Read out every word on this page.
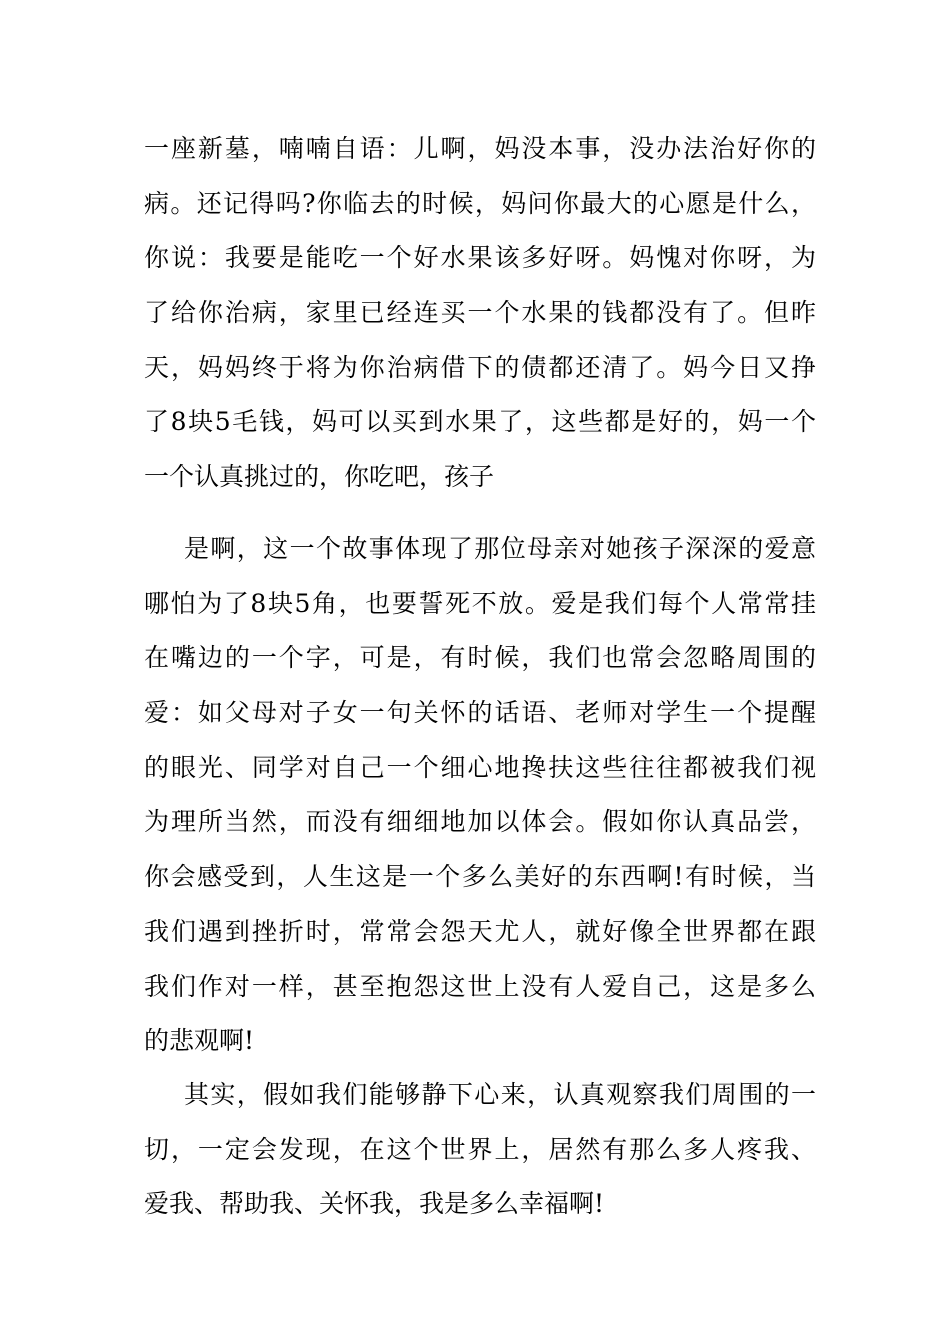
一座新墓，喃喃自语：儿啊，妈没本事，没办法治好你的
病。还记得吗?你临去的时候，妈问你最大的心愿是什么，
你说：我要是能吃一个好水果该多好呀。妈愧对你呀，为
了给你治病，家里已经连买一个水果的钱都没有了。但昨
天，妈妈终于将为你治病借下的债都还清了。妈今日又挣
了8块5毛钱，妈可以买到水果了，这些都是好的，妈一个
一个认真挑过的，你吃吧，孩子
是啊，这一个故事体现了那位母亲对她孩子深深的爱意
哪怕为了8块5角，也要誓死不放。爱是我们每个人常常挂
在嘴边的一个字，可是，有时候，我们也常会忽略周围的
爱：如父母对子女一句关怀的话语、老师对学生一个提醒
的眼光、同学对自己一个细心地搀扶这些往往都被我们视
为理所当然，而没有细细地加以体会。假如你认真品尝，
你会感受到，人生这是一个多么美好的东西啊!有时候，当
我们遇到挫折时，常常会怨天尤人，就好像全世界都在跟
我们作对一样，甚至抱怨这世上没有人爱自己，这是多么
的悲观啊!
其实，假如我们能够静下心来，认真观察我们周围的一
切，一定会发现，在这个世界上，居然有那么多人疼我、
爱我、帮助我、关怀我，我是多么幸福啊!
